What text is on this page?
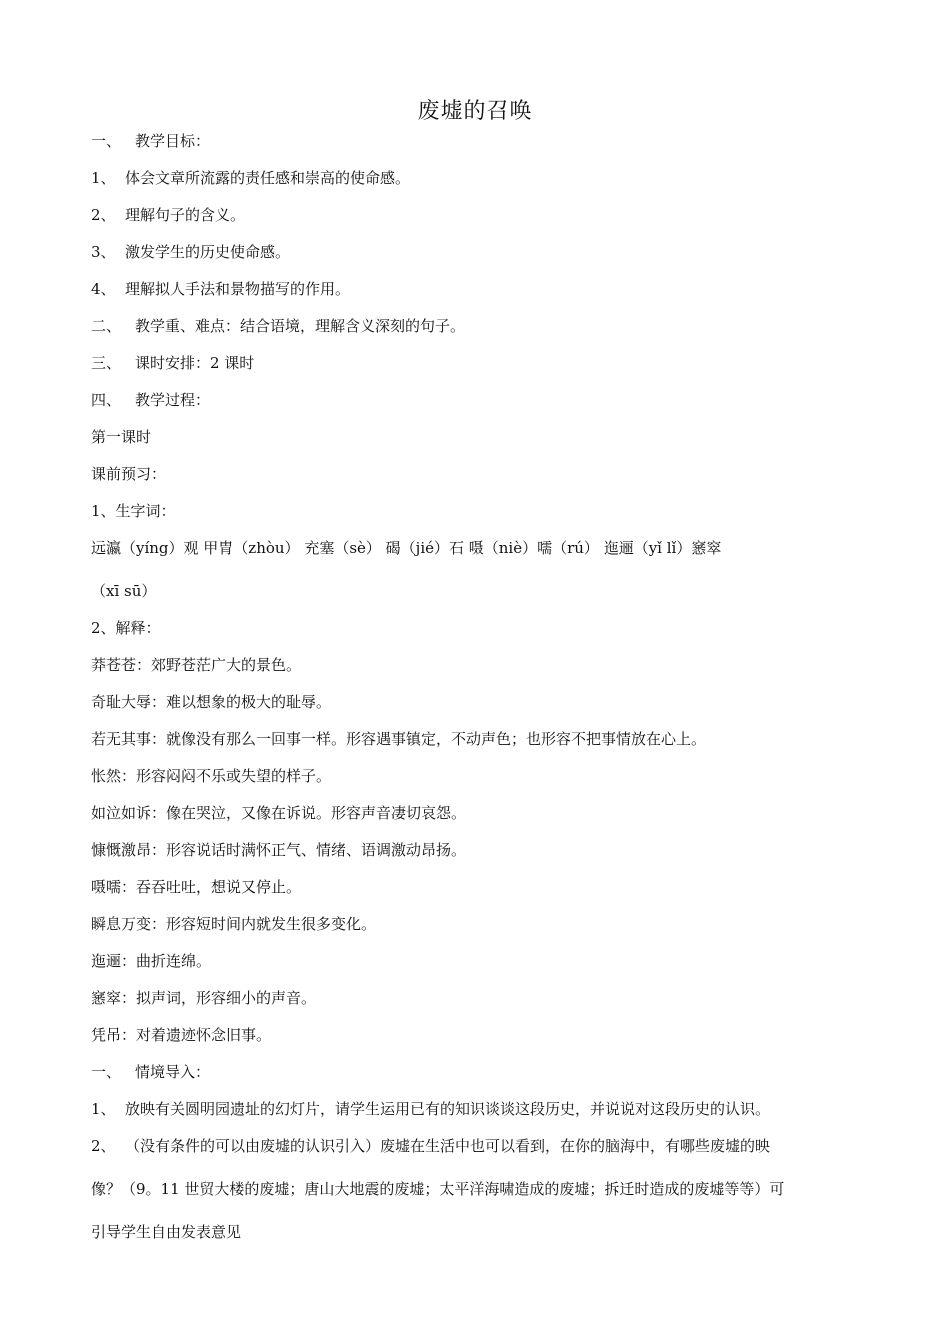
废墟的召唤
一、 教学目标：
1、 体会文章所流露的责任感和崇高的使命感。
2、 理解句子的含义。
3、 激发学生的历史使命感。
4、 理解拟人手法和景物描写的作用。
二、 教学重、难点：结合语境，理解含义深刻的句子。
三、 课时安排：2 课时
四、 教学过程：
第一课时
课前预习：
1、生字词：
远瀛（yíng）观 甲胄（zhòu） 充塞（sè） 碣（jié）石 嗫（niè）嚅（rú） 迤逦（yǐ lǐ）窸窣
（xī sū）
2、解释：
莽苍苍：郊野苍茫广大的景色。
奇耻大辱：难以想象的极大的耻辱。
若无其事：就像没有那么一回事一样。形容遇事镇定，不动声色；也形容不把事情放在心上。
怅然：形容闷闷不乐或失望的样子。
如泣如诉：像在哭泣，又像在诉说。形容声音凄切哀怨。
慷慨激昂：形容说话时满怀正气、情绪、语调激动昂扬。
嗫嚅：吞吞吐吐，想说又停止。
瞬息万变：形容短时间内就发生很多变化。
迤逦：曲折连绵。
窸窣：拟声词，形容细小的声音。
凭吊：对着遗迹怀念旧事。
一、 情境导入：
1、 放映有关圆明园遗址的幻灯片，请学生运用已有的知识谈谈这段历史，并说说对这段历史的认识。
2、 （没有条件的可以由废墟的认识引入）废墟在生活中也可以看到，在你的脑海中，有哪些废墟的映
像？（9。11 世贸大楼的废墟；唐山大地震的废墟；太平洋海啸造成的废墟；拆迁时造成的废墟等等）可
引导学生自由发表意见
